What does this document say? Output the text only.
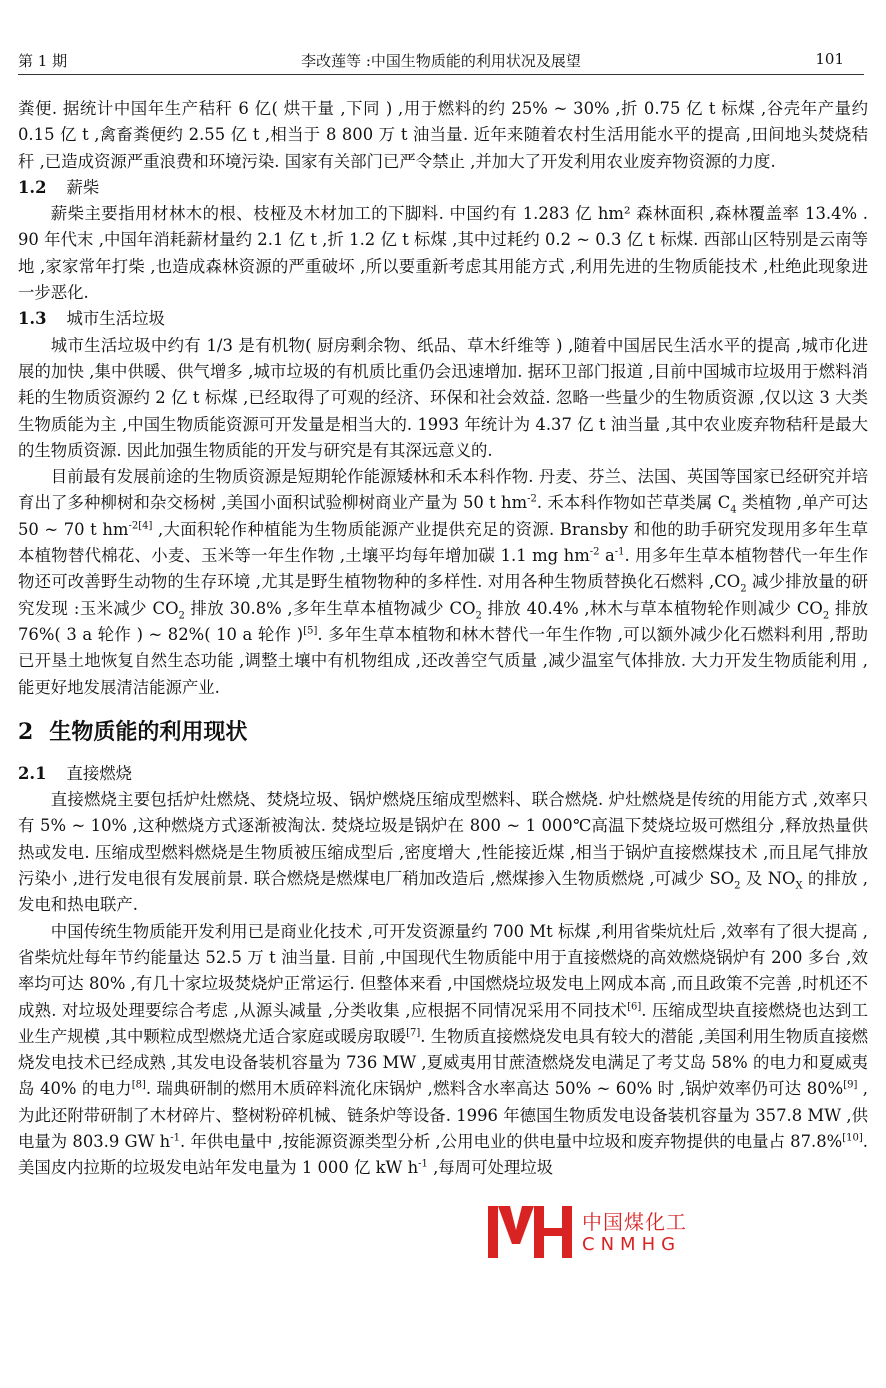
第 1 期	李改莲等 :中国生物质能的利用状况及展望	101

粪便. 据统计中国年生产秸秆 6 亿( 烘干量 ,下同 ) ,用于燃料的约 25% ~ 30% ,折 0.75 亿 t 标煤 ,谷壳年产量约 0.15 亿 t ,禽畜粪便约 2.55 亿 t ,相当于 8 800 万 t 油当量. 近年来随着农村生活用能水平的提高 ,田间地头焚烧秸秆 ,已造成资源严重浪费和环境污染. 国家有关部门已严令禁止 ,并加大了开发利用农业废弃物资源的力度.

1.2 薪柴

薪柴主要指用材林木的根、枝桠及木材加工的下脚料. 中国约有 1.283 亿 hm² 森林面积 ,森林覆盖率 13.4% . 90 年代末 ,中国年消耗薪材量约 2.1 亿 t ,折 1.2 亿 t 标煤 ,其中过耗约 0.2 ~ 0.3 亿 t 标煤. 西部山区特别是云南等地 ,家家常年打柴 ,也造成森林资源的严重破坏 ,所以要重新考虑其用能方式 ,利用先进的生物质能技术 ,杜绝此现象进一步恶化.

1.3 城市生活垃圾

城市生活垃圾中约有 1/3 是有机物( 厨房剩余物、纸品、草木纤维等 ) ,随着中国居民生活水平的提高 ,城市化进展的加快 ,集中供暖、供气增多 ,城市垃圾的有机质比重仍会迅速增加. 据环卫部门报道 ,目前中国城市垃圾用于燃料消耗的生物质资源约 2 亿 t 标煤 ,已经取得了可观的经济、环保和社会效益. 忽略一些量少的生物质资源 ,仅以这 3 大类生物质能为主 ,中国生物质能资源可开发量是相当大的. 1993 年统计为 4.37 亿 t 油当量 ,其中农业废弃物秸秆是最大的生物质资源. 因此加强生物质能的开发与研究是有其深远意义的.

目前最有发展前途的生物质资源是短期轮作能源矮林和禾本科作物. 丹麦、芬兰、法国、英国等国家已经研究并培育出了多种柳树和杂交杨树 ,美国小面积试验柳树商业产量为 50 t $hm^{-2}$. 禾本科作物如芒草类属 $C_4$ 类植物 ,单产可达 50 ~ 70 t $hm^{-2[4]}$ ,大面积轮作种植能为生物质能源产业提供充足的资源. Bransby 和他的助手研究发现用多年生草本植物替代棉花、小麦、玉米等一年生作物 ,土壤平均每年增加碳 1.1 mg $hm^{-2}$ $a^{-1}$. 用多年生草本植物替代一年生作物还可改善野生动物的生存环境 ,尤其是野生植物物种的多样性. 对用各种生物质替换化石燃料 $,CO_2$ 减少排放量的研究发现 :玉米减少 $CO_2$ 排放 30.8% ,多年生草本植物减少 $CO_2$ 排放 40.4% ,林木与草本植物轮作则减少 $CO_2$ 排放 76%( 3 a 轮作 ) ~ 82%( 10 a 轮作 )[5]. 多年生草本植物和林木替代一年生作物 ,可以额外减少化石燃料利用 ,帮助已开垦土地恢复自然生态功能 ,调整土壤中有机物组成 ,还改善空气质量 ,减少温室气体排放. 大力开发生物质能利用 ,能更好地发展清洁能源产业.

2 生物质能的利用现状

2.1 直接燃烧

直接燃烧主要包括炉灶燃烧、焚烧垃圾、锅炉燃烧压缩成型燃料、联合燃烧. 炉灶燃烧是传统的用能方式 ,效率只有 5% ~ 10% ,这种燃烧方式逐渐被淘汰. 焚烧垃圾是锅炉在 800 ~ 1 000℃高温下焚烧垃圾可燃组分 ,释放热量供热或发电. 压缩成型燃料燃烧是生物质被压缩成型后 ,密度增大 ,性能接近煤 ,相当于锅炉直接燃煤技术 ,而且尾气排放污染小 ,进行发电很有发展前景. 联合燃烧是燃煤电厂稍加改造后 ,燃煤掺入生物质燃烧 ,可减少 $SO_2$ 及 $NO_X$ 的排放 ,发电和热电联产.

中国传统生物质能开发利用已是商业化技术 ,可开发资源量约 700 Mt 标煤 ,利用省柴炕灶后 ,效率有了很大提高 ,省柴炕灶每年节约能量达 52.5 万 t 油当量. 目前 ,中国现代生物质能中用于直接燃烧的高效燃烧锅炉有 200 多台 ,效率均可达 80% ,有几十家垃圾焚烧炉正常运行. 但整体来看 ,中国燃烧垃圾发电上网成本高 ,而且政策不完善 ,时机还不成熟. 对垃圾处理要综合考虑 ,从源头减量 ,分类收集 ,应根据不同情况采用不同技术[6]. 压缩成型块直接燃烧也达到工业生产规模 ,其中颗粒成型燃烧尤适合家庭或暖房取暖[7]. 生物质直接燃烧发电具有较大的潜能 ,美国利用生物质直接燃烧发电技术已经成熟 ,其发电设备装机容量为 736 MW ,夏威夷用甘蔗渣燃烧发电满足了考艾岛 58% 的电力和夏威夷岛 40% 的电力[8]. 瑞典研制的燃用木质碎料流化床锅炉 ,燃料含水率高达 50% ~ 60% 时 ,锅炉效率仍可达 80%[9] ,为此还附带研制了木材碎片、整树粉碎机械、链条炉等设备. 1996 年德国生物质发电设备装机容量为 357.8 MW ,供电量为 803.9 GW $h^{-1}$. 年供电量中 ,按能源资源类型分析 ,公用电业的供电量中垃圾和废弃物提供的电量占 87.8%[10]. 美国皮内拉斯的垃圾发电站年发电量为 1 000 亿 kW $h^{-1}$ ,每周可处理垃圾

中国煤化工
CNMHG
